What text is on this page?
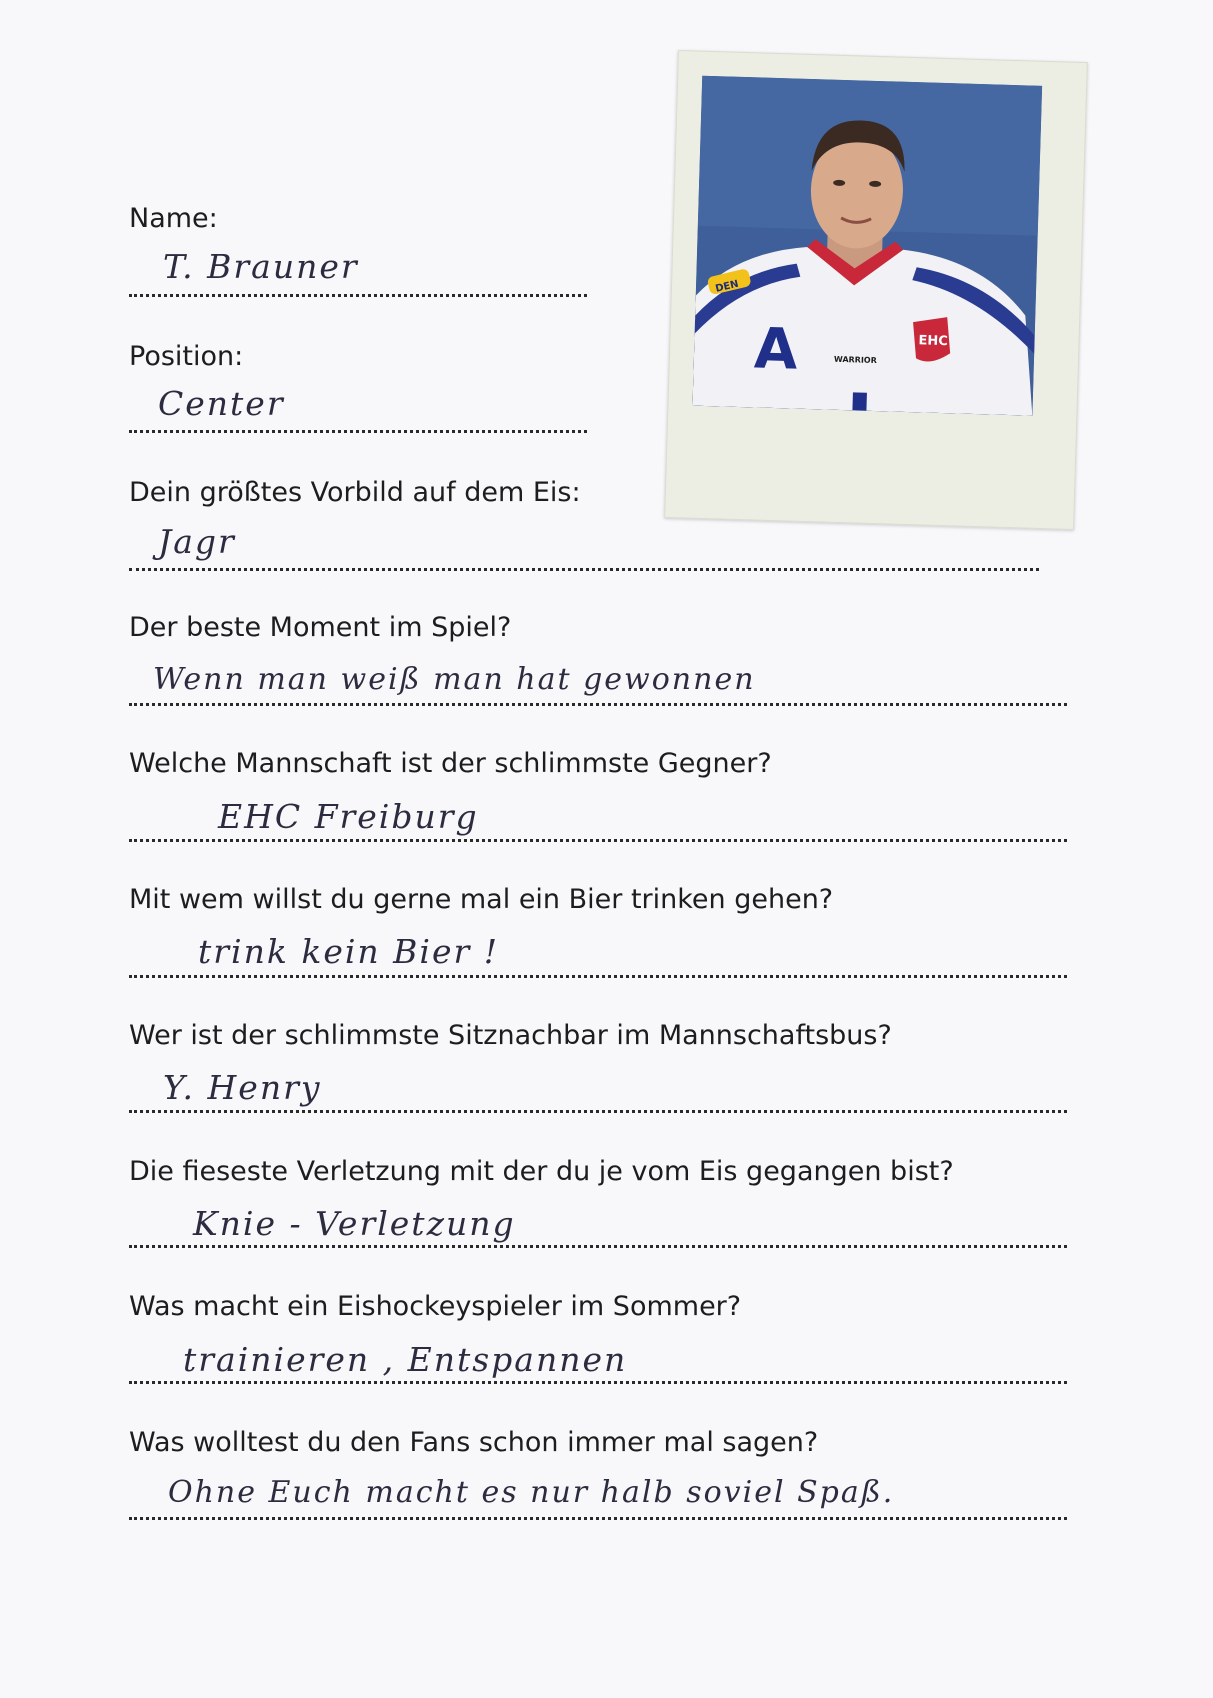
DEN
A	EHC
WARRIOR
Name:
T. Brauner
Position:
Center
Dein größtes Vorbild auf dem Eis:
Jagr
Der beste Moment im Spiel?
Wenn man weiß man hat gewonnen
Welche Mannschaft ist der schlimmste Gegner?
EHC Freiburg
Mit wem willst du gerne mal ein Bier trinken gehen?
trink kein Bier !
Wer ist der schlimmste Sitznachbar im Mannschaftsbus?
Y. Henry
Die fieseste Verletzung mit der du je vom Eis gegangen bist?
Knie - Verletzung
Was macht ein Eishockeyspieler im Sommer?
trainieren , Entspannen
Was wolltest du den Fans schon immer mal sagen?
Ohne Euch macht es nur halb soviel Spaß.
